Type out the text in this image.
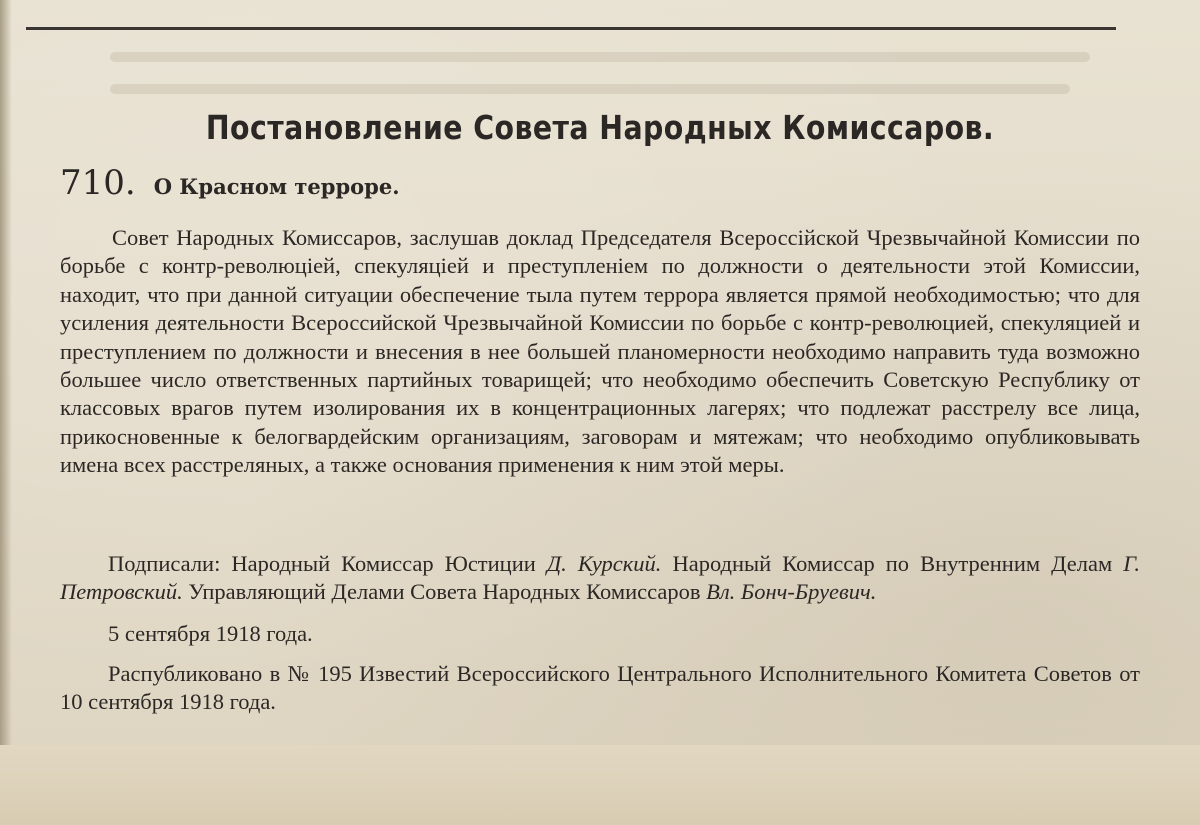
Постановление Совета Народных Комиссаров.
710. О Красном терроре.
Совет Народных Комиссаров, заслушав доклад Председателя Всероссійской Чрезвычайной Комиссии по борьбе с контр-революціей, спекуляціей и преступленіем по должности о деятельности этой Комиссии, находит, что при данной ситуации обеспечение тыла путем террора является прямой необходимостью; что для усиления деятельности Всероссийской Чрезвычайной Комиссии по борьбе с контр-революцией, спекуляцией и преступлением по должности и внесения в нее большей планомерности необходимо направить туда возможно большее число ответственных партийных товарищей; что необходимо обеспечить Советскую Республику от классовых врагов путем изолирования их в концентрационных лагерях; что подлежат расстрелу все лица, прикосновенные к белогвардейским организациям, заговорам и мятежам; что необходимо опубликовывать имена всех расстреляных, а также основания применения к ним этой меры.
Подписали: Народный Комиссар Юстиции Д. Курский. Народный Комиссар по Внутренним Делам Г. Петровский. Управляющий Делами Совета Народных Комиссаров Вл. Бонч-Бруевич.
5 сентября 1918 года.
Распубликовано в № 195 Известий Всероссийского Центрального Исполнительного Комитета Советов от 10 сентября 1918 года.
